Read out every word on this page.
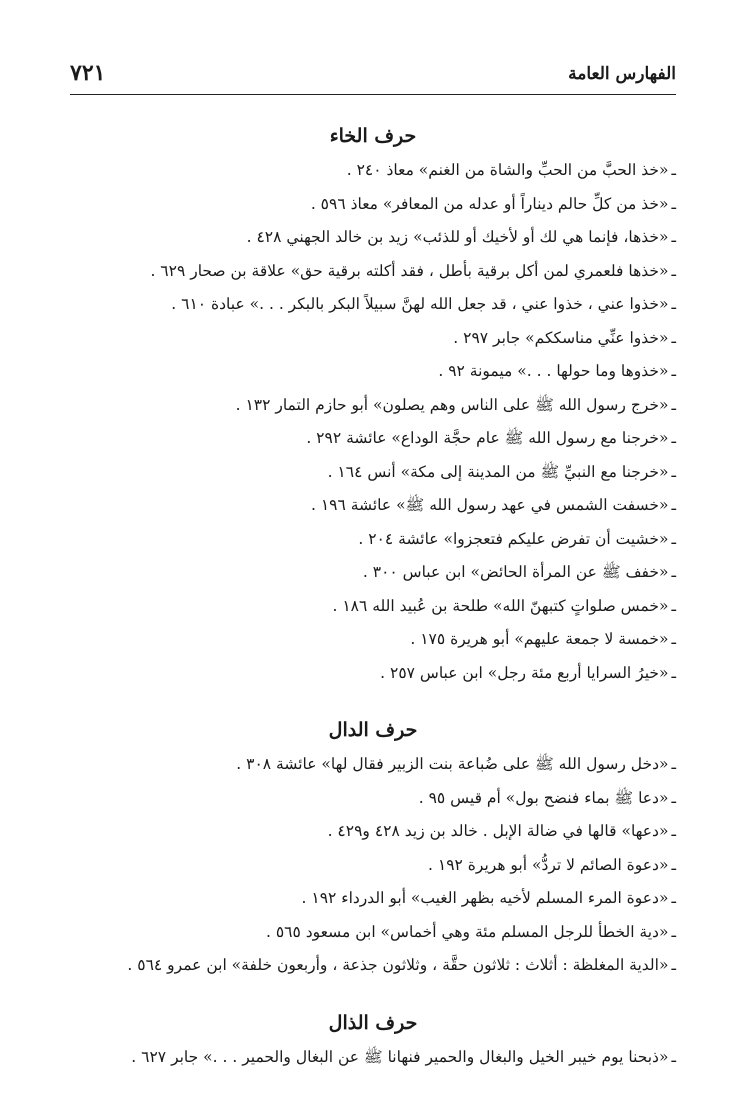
الفهارس العامة
٧٢١
حرف الخاء
ـ«خذ الحبَّ من الحبِّ والشاة من الغنم» معاذ ٢٤٠ .
ـ«خذ من كلِّ حالم ديناراً أو عدله من المعافر» معاذ ٥٩٦ .
ـ«خذها، فإنما هي لك أو لأخيك أو للذئب» زيد بن خالد الجهني ٤٢٨ .
ـ«خذها فلعمري لمن أكل برقية بأطل ، فقد أكلته برقية حق» علاقة بن صحار ٦٢٩ .
ـ«خذوا عني ، خذوا عني ، قد جعل الله لهنَّ سبيلاً البكر بالبكر . . .» عبادة ٦١٠ .
ـ«خذوا عنِّي مناسككم» جابر ٢٩٧ .
ـ«خذوها وما حولها . . .» ميمونة ٩٢ .
ـ«خرج رسول الله ﷺ على الناس وهم يصلون» أبو حازم التمار ١٣٢ .
ـ«خرجنا مع رسول الله ﷺ عام حجَّة الوداع» عائشة ٢٩٢ .
ـ«خرجنا مع النبيِّ ﷺ من المدينة إلى مكة» أنس ١٦٤ .
ـ«خسفت الشمس في عهد رسول الله ﷺ» عائشة ١٩٦ .
ـ«خشيت أن تفرض عليكم فتعجزوا» عائشة ٢٠٤ .
ـ«خفف ﷺ عن المرأة الحائض» ابن عباس ٣٠٠ .
ـ«خمس صلواتٍ كتبهنّ الله» طلحة بن عُبيد الله ١٨٦ .
ـ«خمسة لا جمعة عليهم» أبو هريرة ١٧٥ .
ـ«خيرُ السرايا أربع مئة رجل» ابن عباس ٢٥٧ .
حرف الدال
ـ«دخل رسول الله ﷺ على ضُباعة بنت الزبير فقال لها» عائشة ٣٠٨ .
ـ«دعا ﷺ بماء فنضح بول» أم قيس ٩٥ .
ـ«دعها» قالها في ضالة الإبل . خالد بن زيد ٤٢٨ و٤٢٩ .
ـ«دعوة الصائم لا تردُّ» أبو هريرة ١٩٢ .
ـ«دعوة المرء المسلم لأخيه بظهر الغيب» أبو الدرداء ١٩٢ .
ـ«دية الخطأ للرجل المسلم مئة وهي أخماس» ابن مسعود ٥٦٥ .
ـ«الدية المغلظة : أثلاث : ثلاثون حقَّة ، وثلاثون جذعة ، وأربعون خلفة» ابن عمرو ٥٦٤ .
حرف الذال
ـ«ذبحنا يوم خيبر الخيل والبغال والحمير فنهانا ﷺ عن البغال والحمير . . .» جابر ٦٢٧ .
